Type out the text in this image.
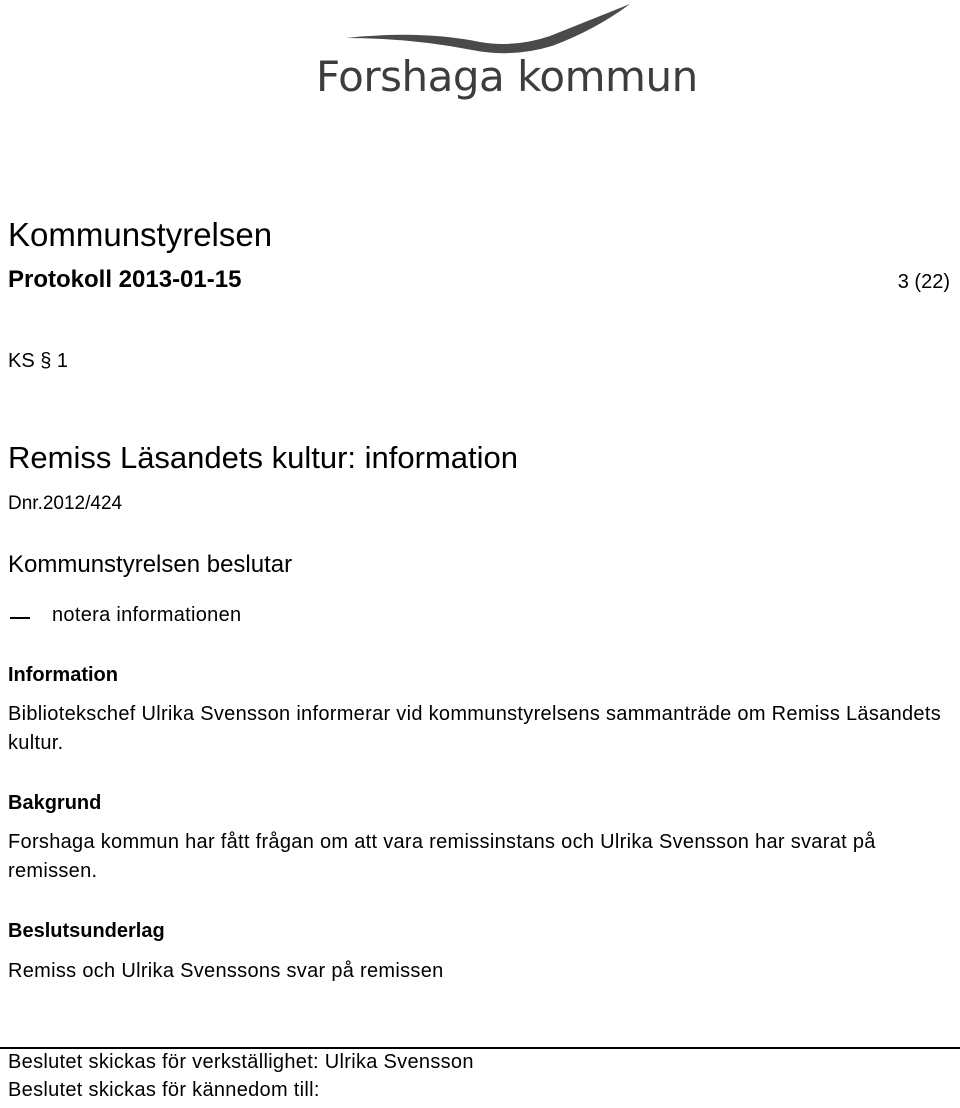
Forshaga kommun
Kommunstyrelsen
Protokoll 2013-01-15	3 (22)
KS § 1
Remiss Läsandets kultur: information
Dnr.2012/424
Kommunstyrelsen beslutar
notera informationen
Information

Bibliotekschef Ulrika Svensson informerar vid kommunstyrelsens sammanträde om Remiss Läsandets kultur.

Bakgrund

Forshaga kommun har fått frågan om att vara remissinstans och Ulrika Svensson har svarat på remissen.

Beslutsunderlag
Remiss och Ulrika Svenssons svar på remissen
Beslutet skickas för verkställighet: Ulrika Svensson
Beslutet skickas för kännedom till:
